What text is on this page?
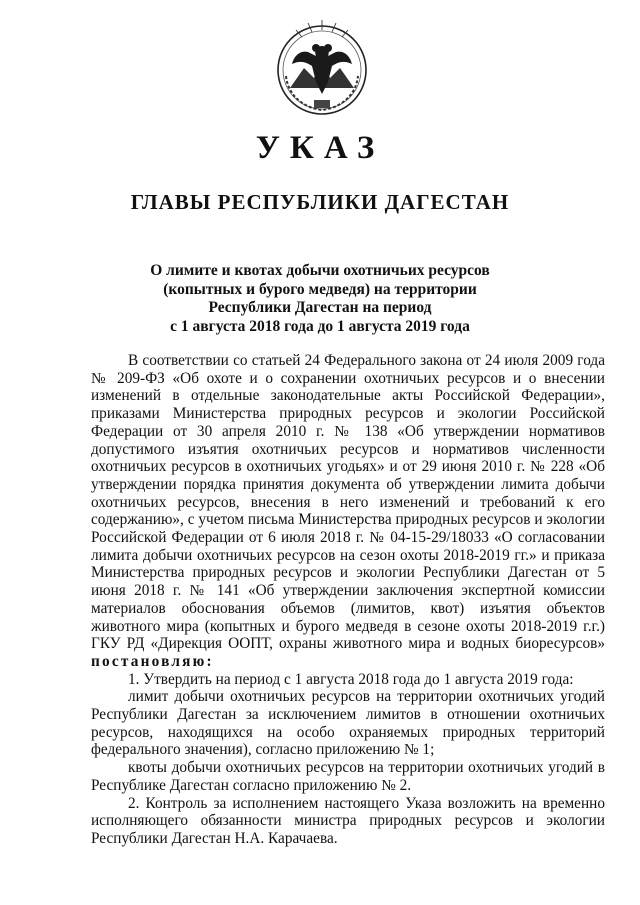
УКАЗ
ГЛАВЫ РЕСПУБЛИКИ ДАГЕСТАН
О лимите и квотах добычи охотничьих ресурсов
(копытных и бурого медведя) на территории
Республики Дагестан на период
с 1 августа 2018 года до 1 августа 2019 года

В соответствии со статьей 24 Федерального закона от 24 июля 2009 года № 209-ФЗ «Об охоте и о сохранении охотничьих ресурсов и о внесении изменений в отдельные законодательные акты Российской Федерации», приказами Министерства природных ресурсов и экологии Российской Федерации от 30 апреля 2010 г. № 138 «Об утверждении нормативов допустимого изъятия охотничьих ресурсов и нормативов численности охотничьих ресурсов в охотничьих угодьях» и от 29 июня 2010 г. № 228 «Об утверждении порядка принятия документа об утверждении лимита добычи охотничьих ресурсов, внесения в него изменений и требований к его содержанию», с учетом письма Министерства природных ресурсов и экологии Российской Федерации от 6 июля 2018 г. № 04-15-29/18033 «О согласовании лимита добычи охотничьих ресурсов на сезон охоты 2018-2019 гг.» и приказа Министерства природных ресурсов и экологии Республики Дагестан от 5 июня 2018 г. № 141 «Об утверждении заключения экспертной комиссии материалов обоснования объемов (лимитов, квот) изъятия объектов животного мира (копытных и бурого медведя в сезоне охоты 2018-2019 г.г.) ГКУ РД «Дирекция ООПТ, охраны животного мира и водных биоресурсов» постановляю:

1. Утвердить на период с 1 августа 2018 года до 1 августа 2019 года:

лимит добычи охотничьих ресурсов на территории охотничьих угодий Республики Дагестан за исключением лимитов в отношении охотничьих ресурсов, находящихся на особо охраняемых природных территорий федерального значения), согласно приложению № 1;

квоты добычи охотничьих ресурсов на территории охотничьих угодий в Республике Дагестан согласно приложению № 2.

2. Контроль за исполнением настоящего Указа возложить на временно исполняющего обязанности министра природных ресурсов и экологии Республики Дагестан Н.А. Карачаева.
